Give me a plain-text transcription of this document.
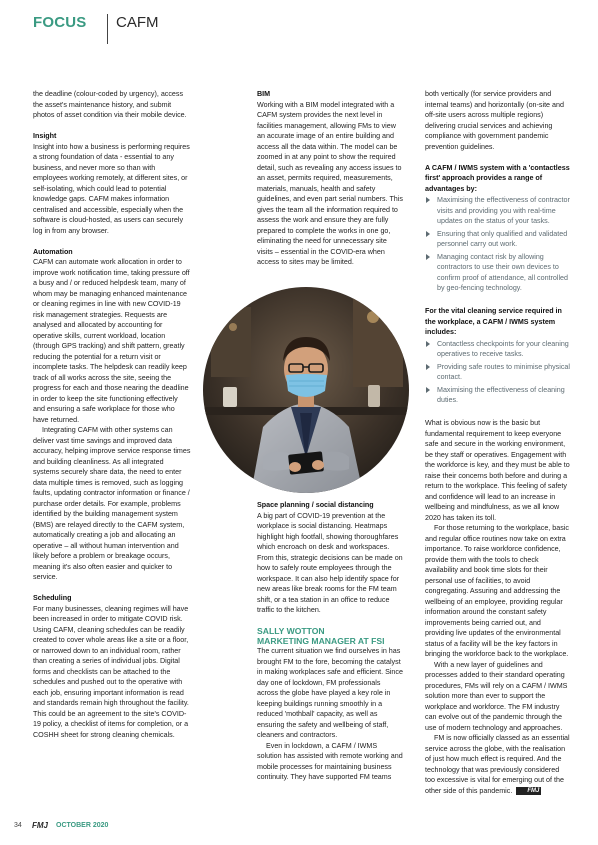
FOCUS CAFM

the deadline (colour-coded by urgency), access the asset's maintenance history, and submit photos of asset condition via their mobile device.

Insight

Insight into how a business is performing requires a strong foundation of data - essential to any business, and never more so than with employees working remotely, at different sites, or self-isolating, which could lead to potential knowledge gaps. CAFM makes information centralised and accessible, especially when the software is cloud-hosted, as users can securely log in from any browser.

Automation

CAFM can automate work allocation in order to improve work notification time, taking pressure off a busy and / or reduced helpdesk team, many of whom may be managing enhanced maintenance or cleaning regimes in line with new COVID-19 risk management strategies. Requests are analysed and allocated by accounting for operative skills, current workload, location (through GPS tracking) and shift pattern, greatly reducing the potential for a return visit or incomplete tasks. The helpdesk can readily keep track of all works across the site, seeing the progress for each and those nearing the deadline in order to keep the site functioning effectively and ensuring a safe workplace for those who have returned.

Integrating CAFM with other systems can deliver vast time savings and improved data accuracy, helping improve service response times and building cleanliness. As all integrated systems securely share data, the need to enter data multiple times is removed, such as logging faults, updating contractor information or finance / purchase order details. For example, problems identified by the building management system (BMS) are relayed directly to the CAFM system, automatically creating a job and allocating an operative – all without human intervention and likely before a problem or breakage occurs, meaning it's also often easier and quicker to service.

Scheduling

For many businesses, cleaning regimes will have been increased in order to mitigate COVID risk. Using CAFM, cleaning schedules can be readily created to cover whole areas like a site or a floor, or narrowed down to an individual room, rather than creating a series of individual jobs. Digital forms and checklists can be attached to the schedules and pushed out to the operative with each job, ensuring important information is read and standards remain high throughout the facility. This could be an agreement to the site's COVID-19 policy, a checklist of items for completion, or a COSHH sheet for strong cleaning chemicals.

BIM

Working with a BIM model integrated with a CAFM system provides the next level in facilities management, allowing FMs to view an accurate image of an entire building and access all the data within. The model can be zoomed in at any point to show the required detail, such as revealing any access issues to an asset, permits required, measurements, materials, manuals, health and safety guidelines, and even part serial numbers. This gives the team all the information required to assess the work and ensure they are fully prepared to complete the works in one go, eliminating the need for unnecessary site visits – essential in the COVID-era when access to sites may be limited.

Space planning / social distancing

A big part of COVID-19 prevention at the workplace is social distancing. Heatmaps highlight high footfall, showing thoroughfares which encroach on desk and workspaces. From this, strategic decisions can be made on how to safely route employees through the workspace. It can also help identify space for new areas like break rooms for the FM team shift, or a tea station in an office to reduce traffic to the kitchen.

SALLY WOTTON

MARKETING MANAGER AT FSI

The current situation we find ourselves in has brought FM to the fore, becoming the catalyst in making workplaces safe and efficient. Since day one of lockdown, FM professionals across the globe have played a key role in keeping buildings running smoothly in a reduced 'mothball' capacity, as well as ensuring the safety and wellbeing of staff, cleaners and contractors.

Even in lockdown, a CAFM / IWMS solution has assisted with remote working and mobile processes for maintaining business continuity. They have supported FM teams

both vertically (for service providers and internal teams) and horizontally (on-site and off-site users across multiple regions) delivering crucial services and achieving compliance with government pandemic prevention guidelines.

A CAFM / IWMS system with a 'contactless first' approach provides a range of advantages by:

Maximising the effectiveness of contractor visits and providing you with real-time updates on the status of your tasks.
Ensuring that only qualified and validated personnel carry out work.
Managing contact risk by allowing contractors to use their own devices to confirm proof of attendance, all controlled by geo-fencing technology.

For the vital cleaning service required in the workplace, a CAFM / IWMS system includes:

Contactless checkpoints for your cleaning operatives to receive tasks.
Providing safe routes to minimise physical contact.
Maximising the effectiveness of cleaning duties.

What is obvious now is the basic but fundamental requirement to keep everyone safe and secure in the working environment, be they staff or operatives. Engagement with the workforce is key, and they must be able to raise their concerns both before and during a return to the workplace. This feeling of safety and confidence will lead to an increase in wellbeing and mindfulness, as we all know 2020 has taken its toll.

For those returning to the workplace, basic and regular office routines now take on extra importance. To raise workforce confidence, provide them with the tools to check availability and book time slots for their personal use of facilities, to avoid congregating. Assuring and addressing the wellbeing of an employee, providing regular information around the constant safety improvements being carried out, and providing live updates of the environmental status of a facility will be the key factors in bringing the workforce back to the workplace.

With a new layer of guidelines and processes added to their standard operating procedures, FMs will rely on a CAFM / IWMS solution more than ever to support the workplace and workforce. The FM industry can evolve out of the pandemic through the use of modern technology and approaches.

FM is now officially classed as an essential service across the globe, with the realisation of just how much effect is required. And the technology that was previously considered too excessive is vital for emerging out of the other side of this pandemic. FMJ

34 FMJ OCTOBER 2020
